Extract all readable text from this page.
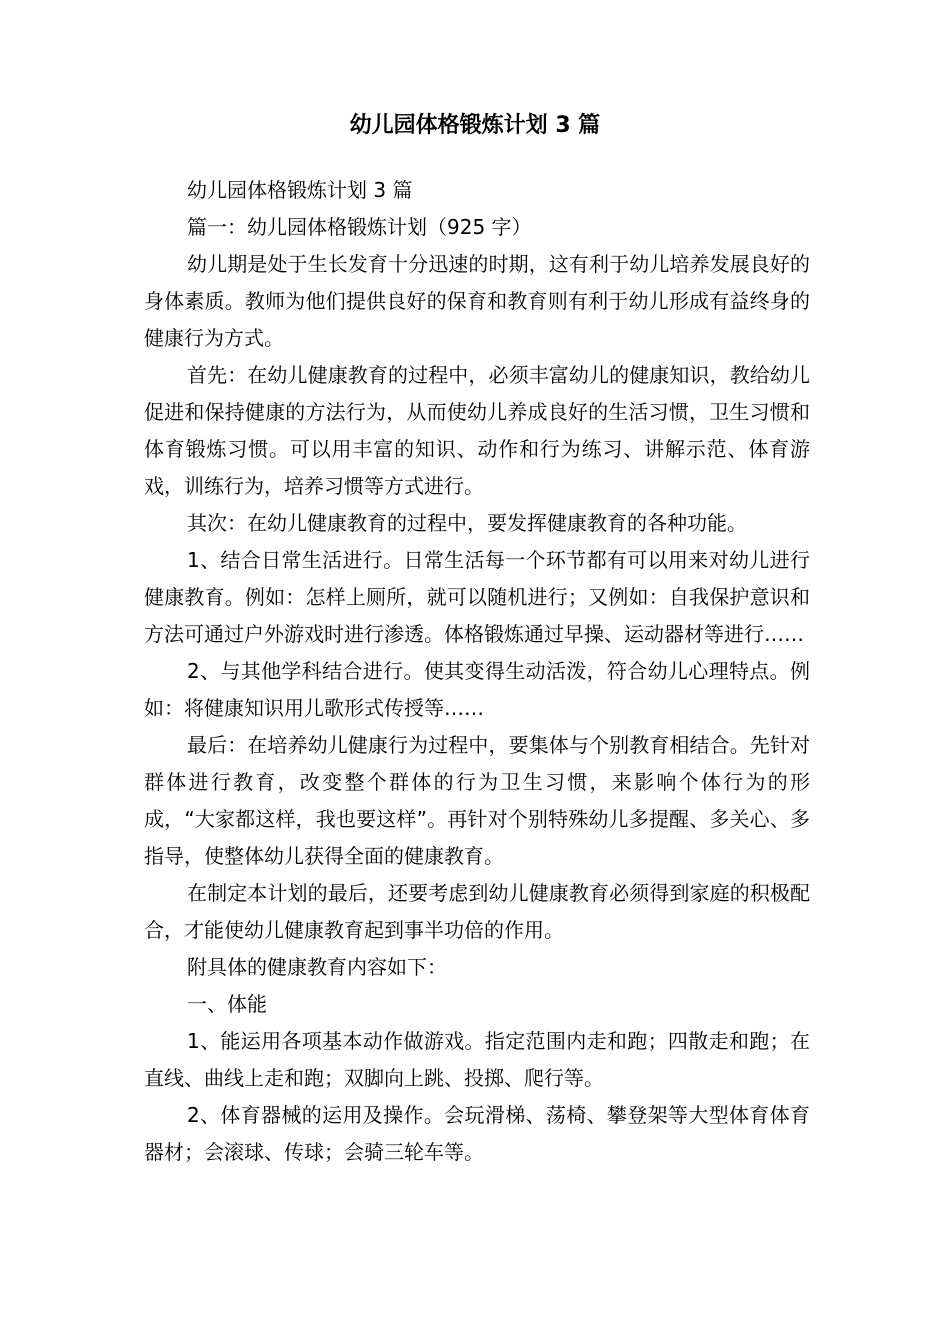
幼儿园体格锻炼计划 3 篇

幼儿园体格锻炼计划 3 篇

篇一：幼儿园体格锻炼计划（925 字）

幼儿期是处于生长发育十分迅速的时期，这有利于幼儿培养发展良好的身体素质。教师为他们提供良好的保育和教育则有利于幼儿形成有益终身的健康行为方式。

首先：在幼儿健康教育的过程中，必须丰富幼儿的健康知识，教给幼儿促进和保持健康的方法行为，从而使幼儿养成良好的生活习惯，卫生习惯和体育锻炼习惯。可以用丰富的知识、动作和行为练习、讲解示范、体育游戏，训练行为，培养习惯等方式进行。

其次：在幼儿健康教育的过程中，要发挥健康教育的各种功能。

1、结合日常生活进行。日常生活每一个环节都有可以用来对幼儿进行健康教育。例如：怎样上厕所，就可以随机进行；又例如：自我保护意识和方法可通过户外游戏时进行渗透。体格锻炼通过早操、运动器材等进行……

2、与其他学科结合进行。使其变得生动活泼，符合幼儿心理特点。例如：将健康知识用儿歌形式传授等……

最后：在培养幼儿健康行为过程中，要集体与个别教育相结合。先针对群体进行教育，改变整个群体的行为卫生习惯，来影响个体行为的形成，“大家都这样，我也要这样”。再针对个别特殊幼儿多提醒、多关心、多指导，使整体幼儿获得全面的健康教育。

在制定本计划的最后，还要考虑到幼儿健康教育必须得到家庭的积极配合，才能使幼儿健康教育起到事半功倍的作用。

附具体的健康教育内容如下：

一、体能

1、能运用各项基本动作做游戏。指定范围内走和跑；四散走和跑；在直线、曲线上走和跑；双脚向上跳、投掷、爬行等。

2、体育器械的运用及操作。会玩滑梯、荡椅、攀登架等大型体育体育器材；会滚球、传球；会骑三轮车等。
